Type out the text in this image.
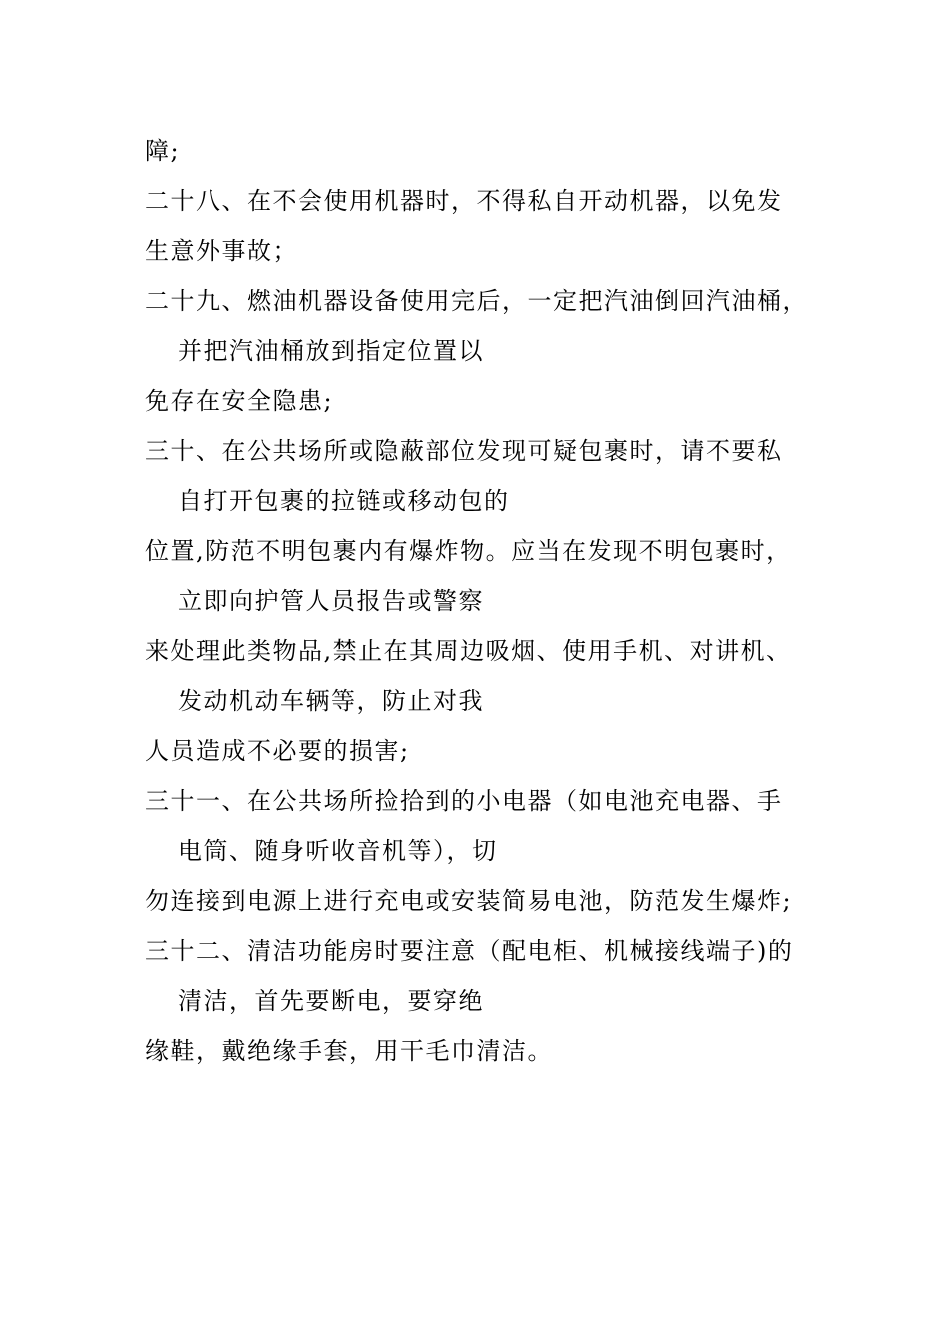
障;
二十八、在不会使用机器时，不得私自开动机器，以免发
生意外事故；
二十九、燃油机器设备使用完后，一定把汽油倒回汽油桶，
并把汽油桶放到指定位置以
免存在安全隐患;
三十、在公共场所或隐蔽部位发现可疑包裹时，请不要私
自打开包裹的拉链或移动包的
位置,防范不明包裹内有爆炸物。应当在发现不明包裹时，
立即向护管人员报告或警察
来处理此类物品,禁止在其周边吸烟、使用手机、对讲机、
发动机动车辆等，防止对我
人员造成不必要的损害;
三十一、在公共场所捡拾到的小电器（如电池充电器、手
电筒、随身听收音机等），切
勿连接到电源上进行充电或安装简易电池，防范发生爆炸;
三十二、清洁功能房时要注意（配电柜、机械接线端子)的
清洁，首先要断电，要穿绝
缘鞋，戴绝缘手套，用干毛巾清洁。
